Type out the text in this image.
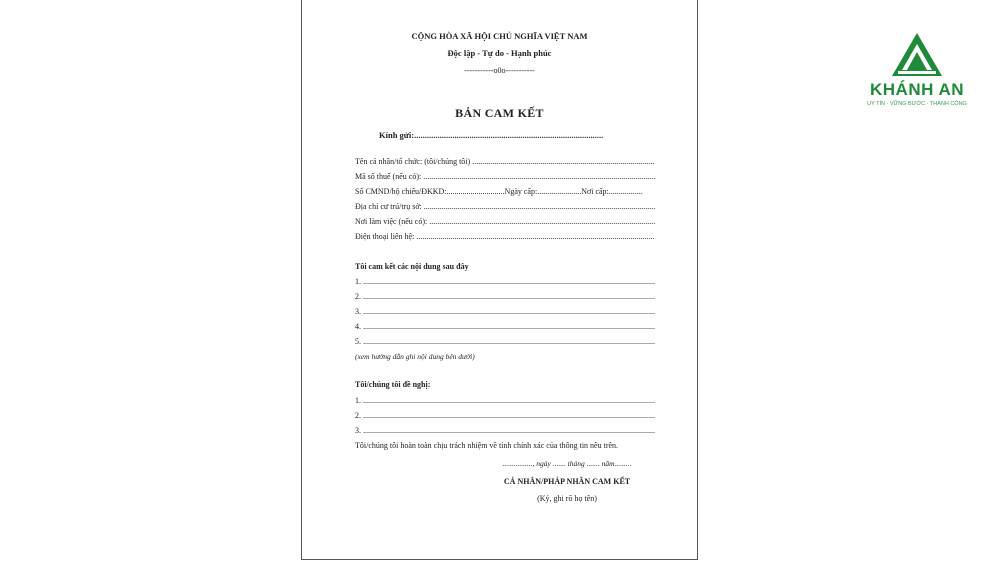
CỘNG HÒA XÃ HỘI CHỦ NGHĨA VIỆT NAM
Độc lập - Tự do - Hạnh phúc
-----------o0o-----------
BẢN CAM KẾT
Kính gửi:.........................................................................................
Tên cá nhân/tổ chức: (tôi/chúng tôi) .....
Mã số thuế (nếu có): .....
Số CMND/hộ chiếu/ĐKKD:.............................Ngày cấp:......................Nơi cấp:.................
Địa chỉ cư trú/trụ sở: .....
Nơi làm việc (nếu có): .....
Điện thoại liên hệ: .....
Tôi cam kết các nội dung sau đây
1. .....
2. .....
3. .....
4. .....
5. .....
(xem hướng dẫn ghi nội dung bên dưới)
Tôi/chúng tôi đề nghị:
1. .....
2. .....
3. .....
Tôi/chúng tôi hoàn toàn chịu trách nhiệm về tính chính xác của thông tin nêu trên.
................, ngày ....... tháng ....... năm.........
CÁ NHÂN/PHÁP NHÂN CAM KẾT
(Ký, ghi rõ họ tên)
KHÁNH AN
UY TÍN · VỮNG BƯỚC · THÀNH CÔNG
